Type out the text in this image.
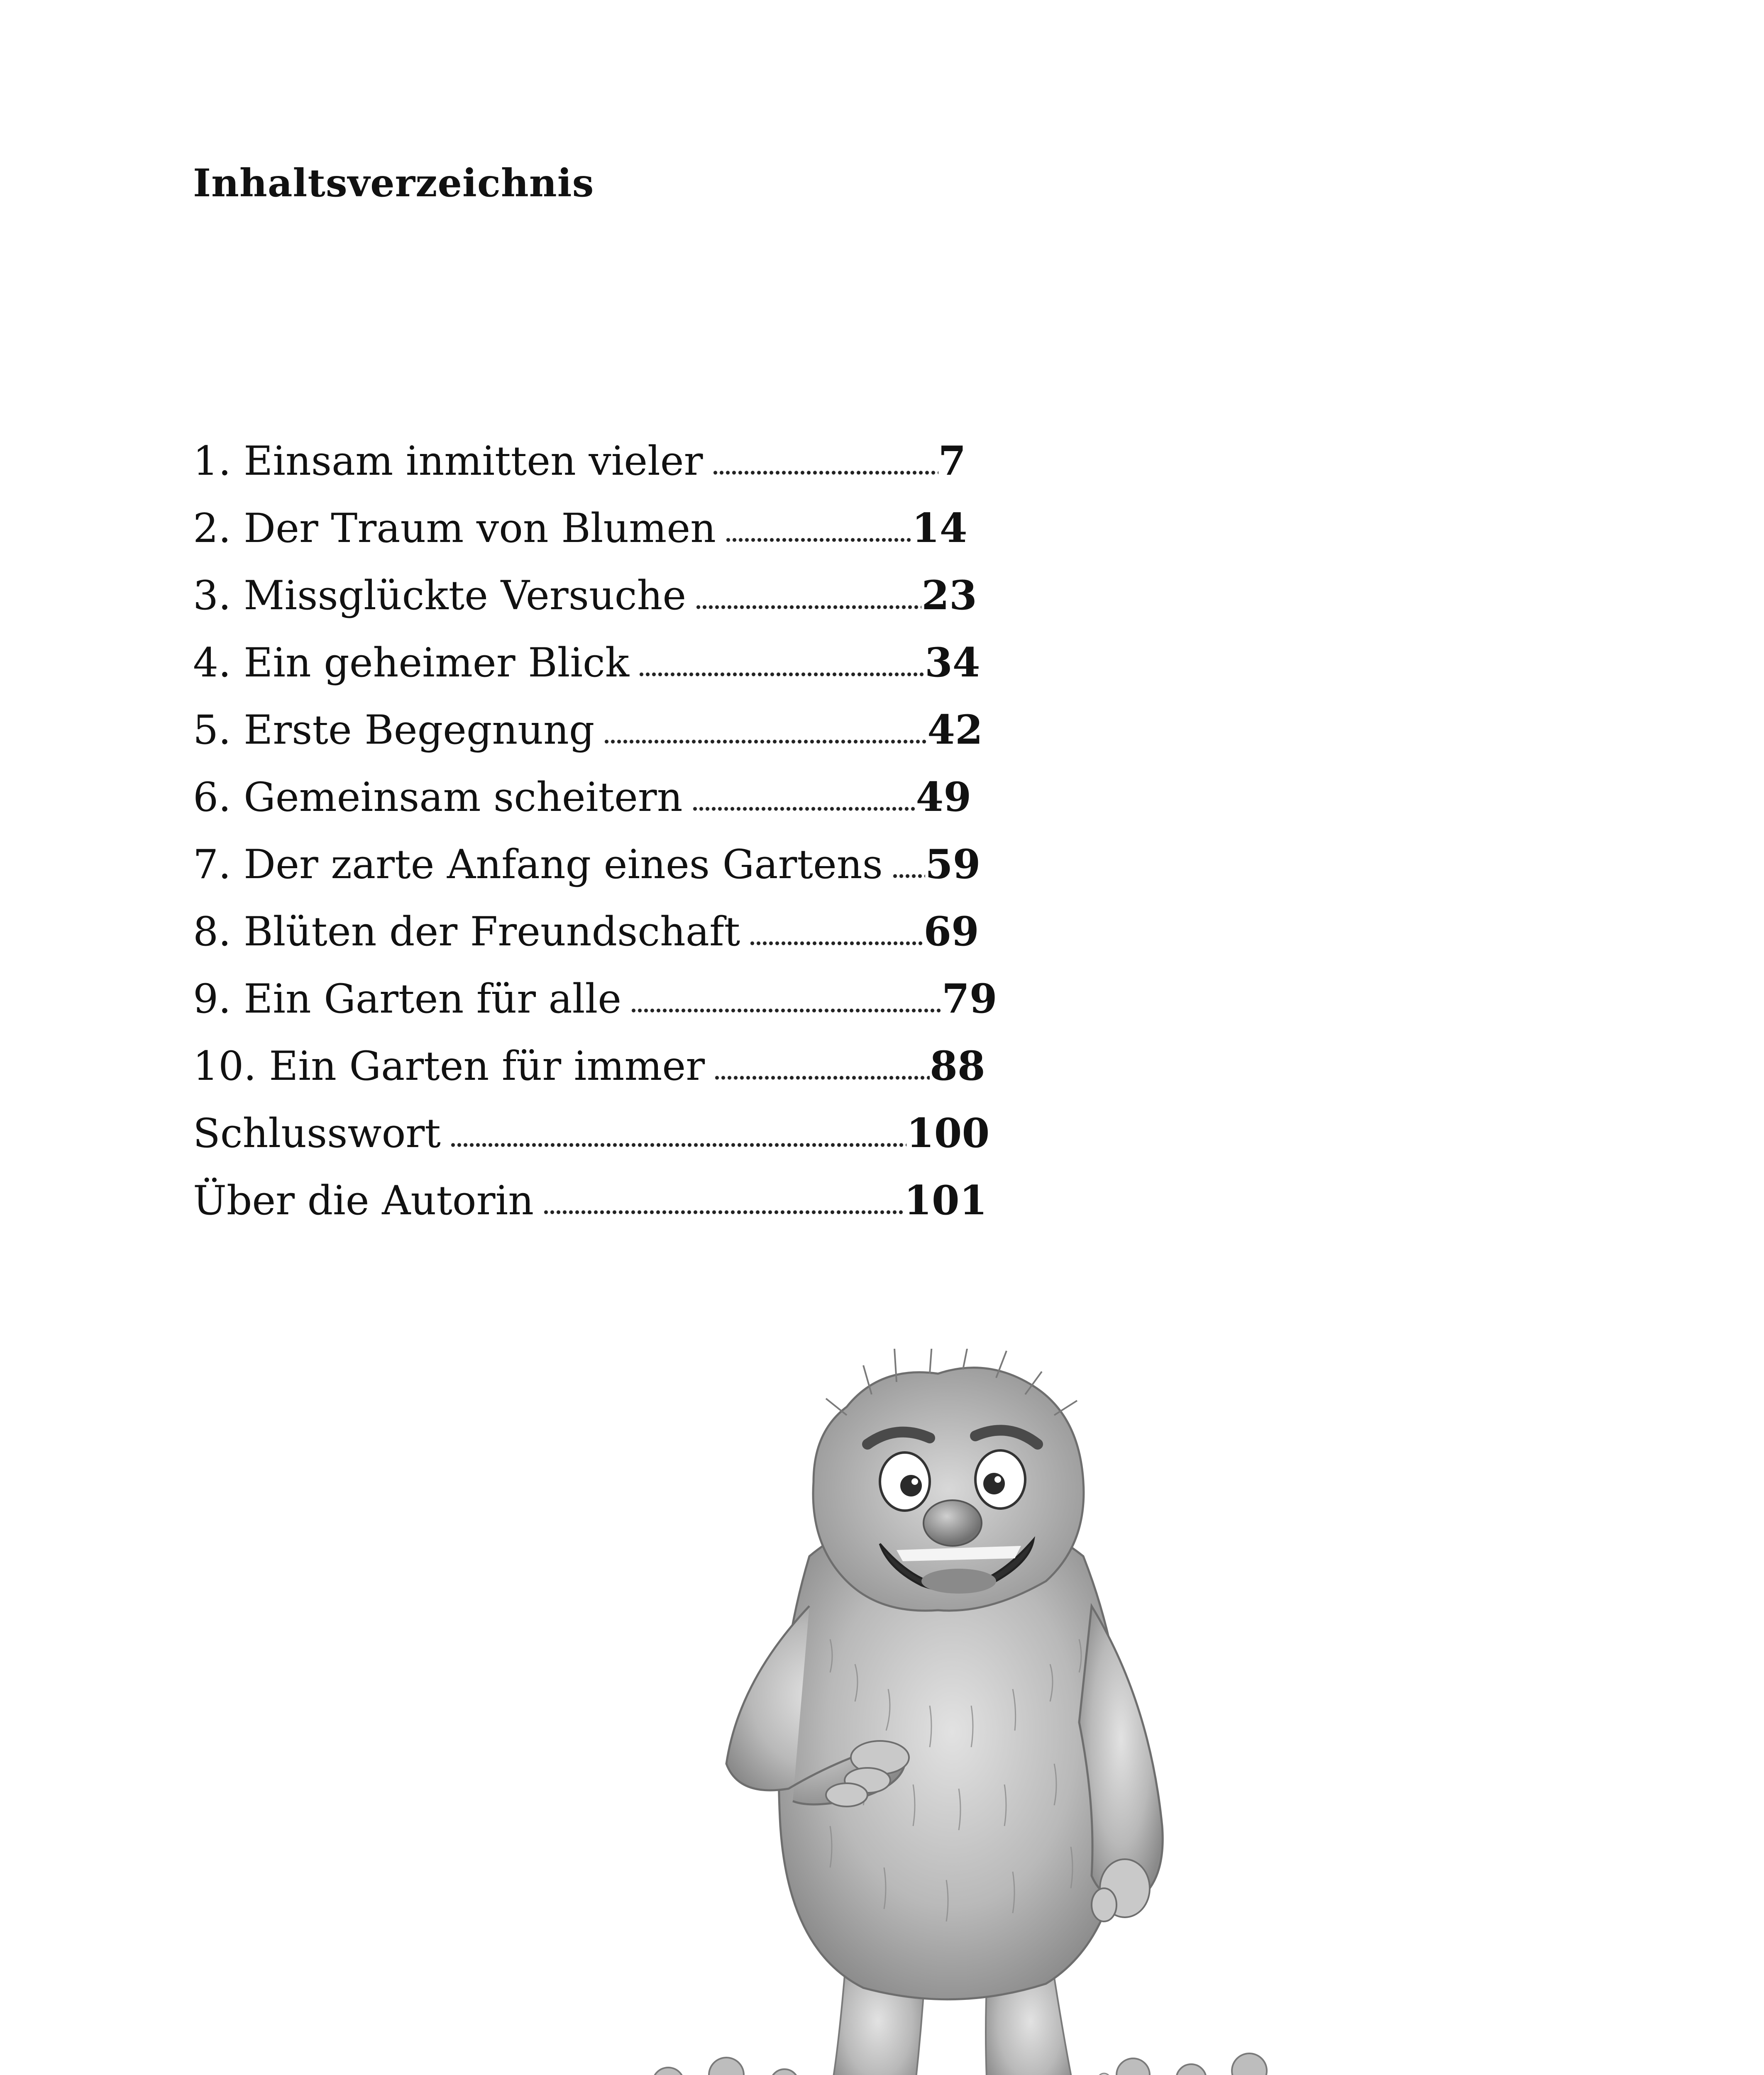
Inhaltsverzeichnis
1. Einsam inmitten vieler	7
2. Der Traum von Blumen	14
3. Missglückte Versuche	23
4. Ein geheimer Blick	34
5. Erste Begegnung	42
6. Gemeinsam scheitern	49
7. Der zarte Anfang eines Gartens 59
8. Blüten der Freundschaft	69
9. Ein Garten für alle	79
10. Ein Garten für immer	88
Schlusswort	100
Über die Autorin	101
